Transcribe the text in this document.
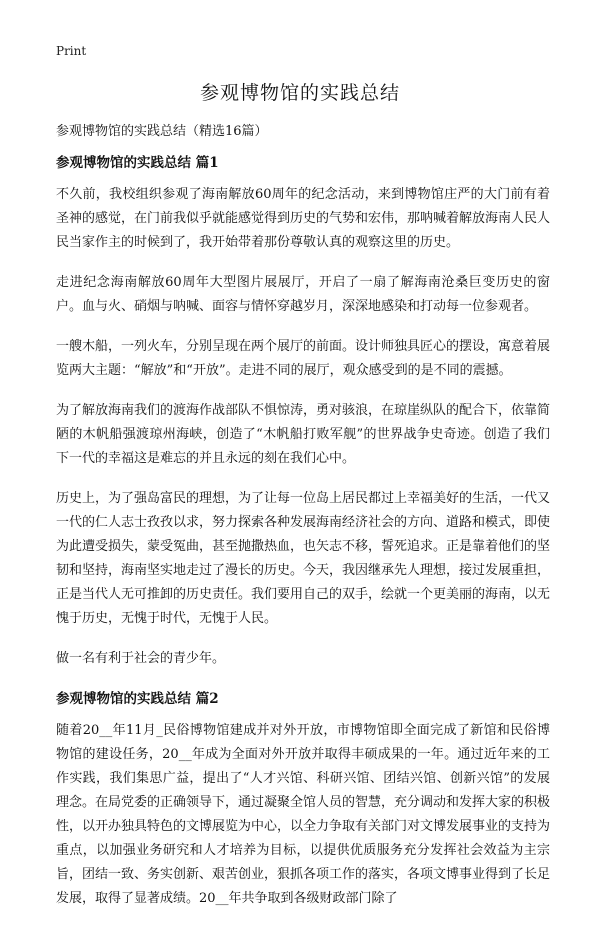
Print
参观博物馆的实践总结
参观博物馆的实践总结（精选16篇）
参观博物馆的实践总结 篇1

不久前，我校组织参观了海南解放60周年的纪念活动，来到博物馆庄严的大门前有着圣神的感觉，在门前我似乎就能感觉得到历史的气势和宏伟，那呐喊着解放海南人民人民当家作主的时候到了，我开始带着那份尊敬认真的观察这里的历史。

走进纪念海南解放60周年大型图片展展厅，开启了一扇了解海南沧桑巨变历史的窗户。血与火、硝烟与呐喊、面容与情怀穿越岁月，深深地感染和打动每一位参观者。

一艘木船，一列火车，分别呈现在两个展厅的前面。设计师独具匠心的摆设，寓意着展览两大主题：“解放”和“开放”。走进不同的展厅，观众感受到的是不同的震撼。

为了解放海南我们的渡海作战部队不惧惊涛，勇对骇浪，在琼崖纵队的配合下，依靠简陋的木帆船强渡琼州海峡，创造了“木帆船打败军舰”的世界战争史奇迹。创造了我们下一代的幸福这是难忘的并且永远的刻在我们心中。

历史上，为了强岛富民的理想，为了让每一位岛上居民都过上幸福美好的生活，一代又一代的仁人志士孜孜以求，努力探索各种发展海南经济社会的方向、道路和模式，即使为此遭受损失，蒙受冤曲，甚至抛撒热血，也矢志不移，誓死追求。正是靠着他们的坚韧和坚持，海南坚实地走过了漫长的历史。今天，我因继承先人理想，接过发展重担，正是当代人无可推卸的历史责任。我们要用自己的双手，绘就一个更美丽的海南，以无愧于历史，无愧于时代，无愧于人民。

做一名有利于社会的青少年。

参观博物馆的实践总结 篇2

随着20__年11月_民俗博物馆建成并对外开放，市博物馆即全面完成了新馆和民俗博物馆的建设任务，20__年成为全面对外开放并取得丰硕成果的一年。通过近年来的工作实践，我们集思广益，提出了“人才兴馆、科研兴馆、团结兴馆、创新兴馆”的发展理念。在局党委的正确领导下，通过凝聚全馆人员的智慧，充分调动和发挥大家的积极性，以开办独具特色的文博展览为中心，以全力争取有关部门对文博发展事业的支持为重点，以加强业务研究和人才培养为目标，以提供优质服务充分发挥社会效益为主宗旨，团结一致、务实创新、艰苦创业，狠抓各项工作的落实，各项文博事业得到了长足发展，取得了显著成绩。20__年共争取到各级财政部门除了
